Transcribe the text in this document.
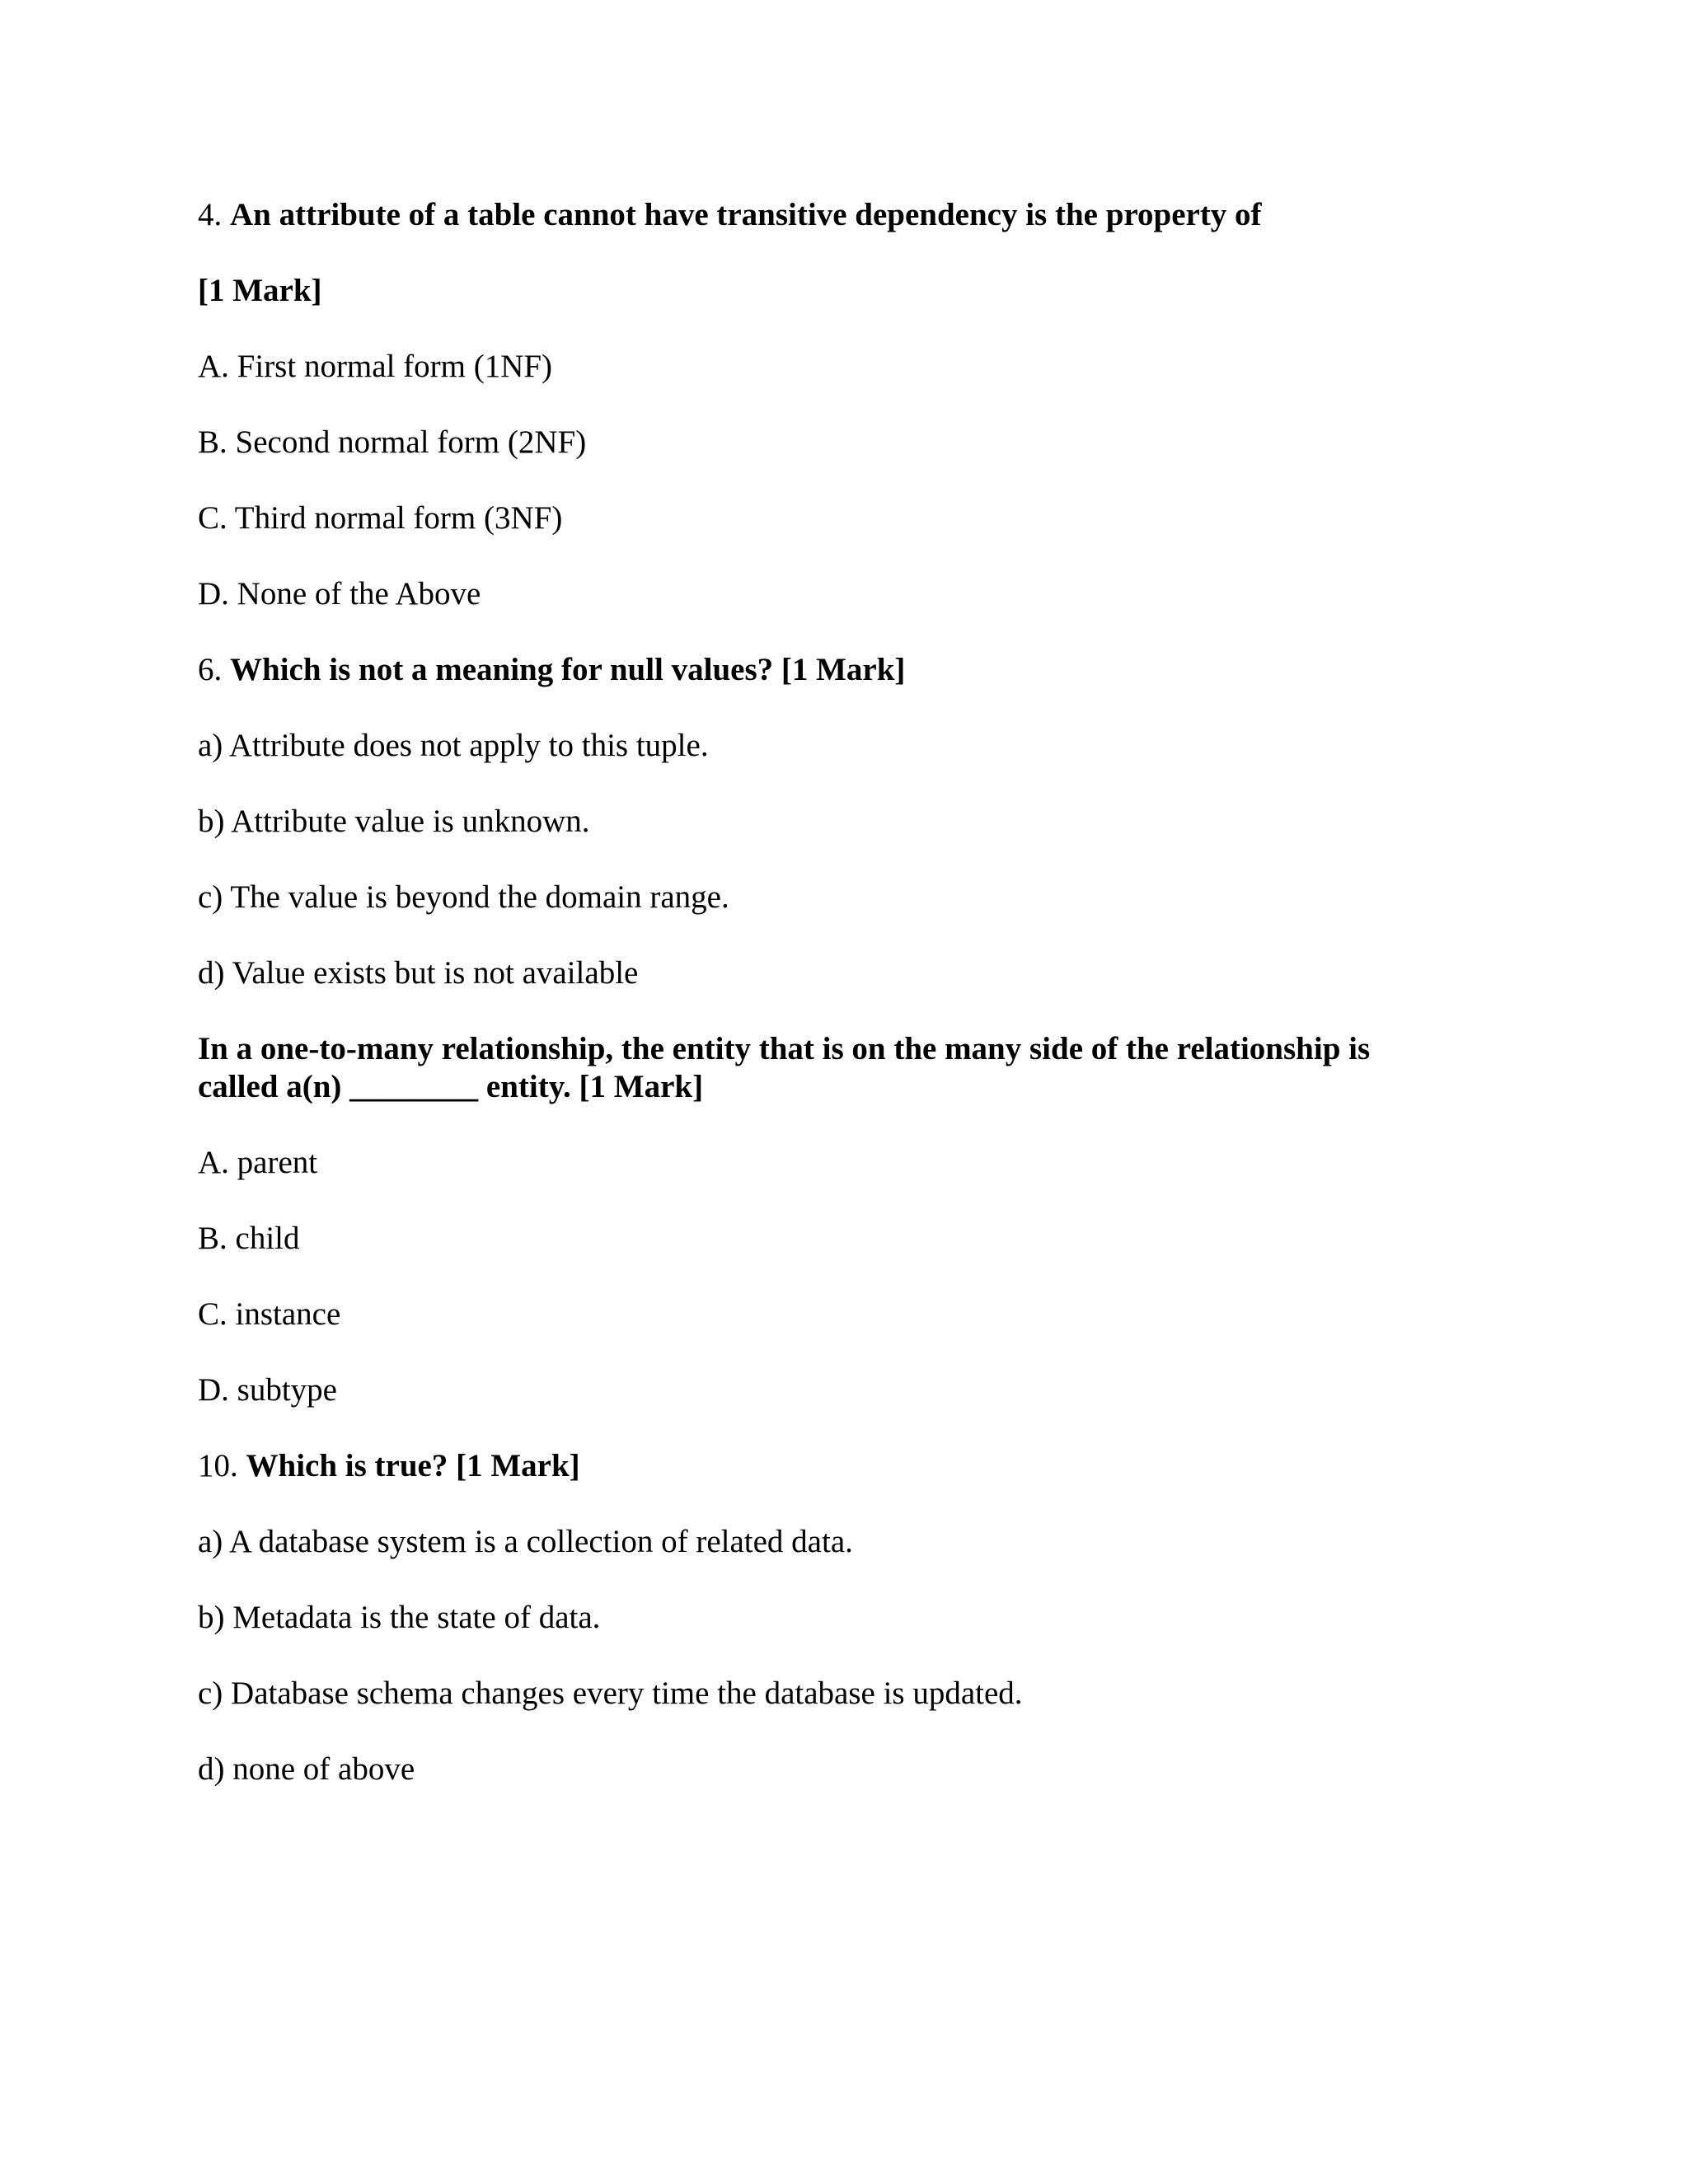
4. An attribute of a table cannot have transitive dependency is the property of
[1 Mark]
A. First normal form (1NF)
B. Second normal form (2NF)
C. Third normal form (3NF)
D. None of the Above
6. Which is not a meaning for null values? [1 Mark]
a) Attribute does not apply to this tuple.
b) Attribute value is unknown.
c) The value is beyond the domain range.
d) Value exists but is not available
In a one-to-many relationship, the entity that is on the many side of the relationship is
called a(n) ________ entity. [1 Mark]
A. parent
B. child
C. instance
D. subtype
10. Which is true? [1 Mark]
a) A database system is a collection of related data.
b) Metadata is the state of data.
c) Database schema changes every time the database is updated.
d) none of above
